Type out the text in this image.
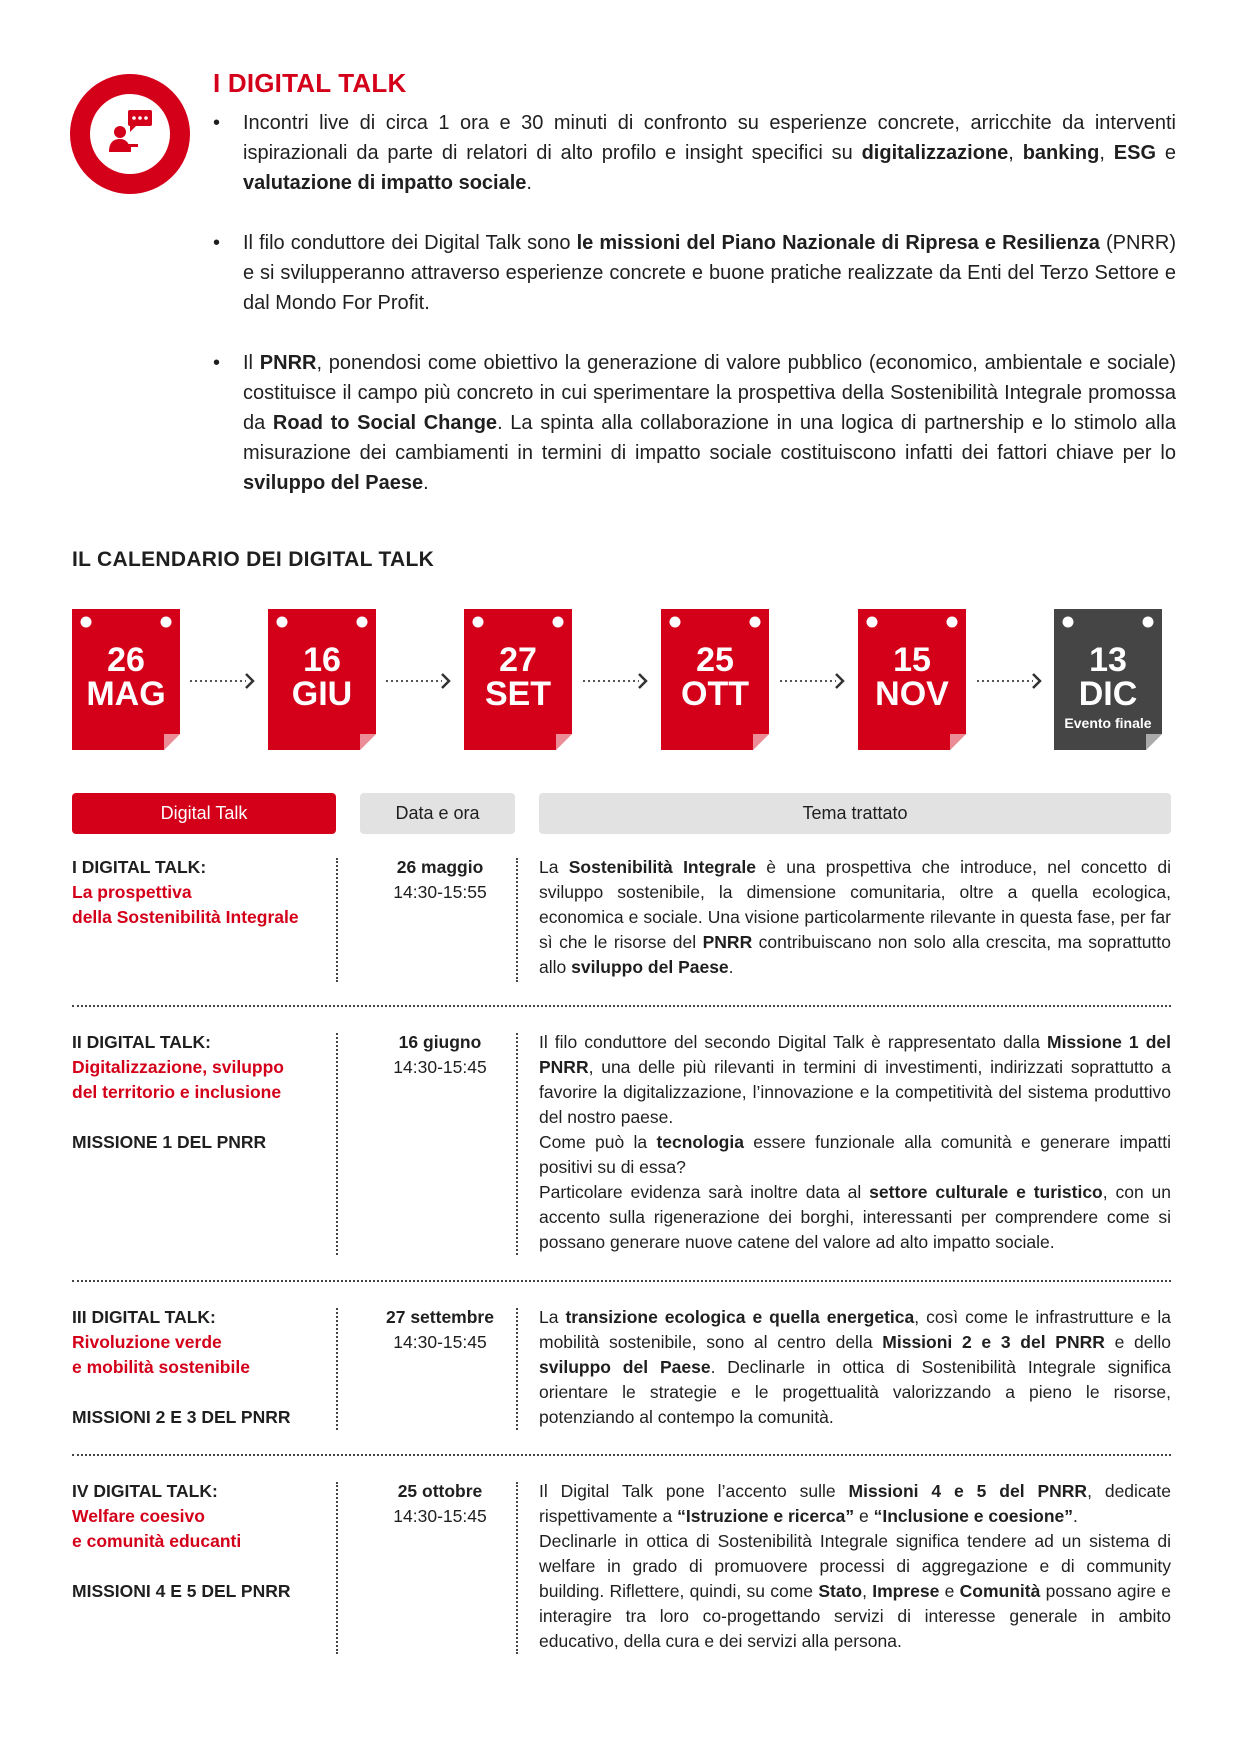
I DIGITAL TALK
• Incontri live di circa 1 ora e 30 minuti di confronto su esperienze concrete, arricchite da interventi ispirazionali da parte di relatori di alto profilo e insight specifici su digitalizzazione, banking, ESG e valutazione di impatto sociale.
• Il filo conduttore dei Digital Talk sono le missioni del Piano Nazionale di Ripresa e Resilienza (PNRR) e si svilupperanno attraverso esperienze concrete e buone pratiche realizzate da Enti del Terzo Settore e dal Mondo For Profit.
• Il PNRR, ponendosi come obiettivo la generazione di valore pubblico (economico, ambientale e sociale) costituisce il campo più concreto in cui sperimentare la prospettiva della Sostenibilità Integrale promossa da Road to Social Change. La spinta alla collaborazione in una logica di partnership e lo stimolo alla misurazione dei cambiamenti in termini di impatto sociale costituiscono infatti dei fattori chiave per lo sviluppo del Paese.
IL CALENDARIO DEI DIGITAL TALK
26
MAG
16
GIU
27
SET
25
OTT
15
NOV
13
DIC
Evento finale
Digital Talk	Data e ora	Tema trattato
I DIGITAL TALK:
La prospettiva
della Sostenibilità Integrale
26 maggio
14:30-15:55
La Sostenibilità Integrale è una prospettiva che introduce, nel concetto di sviluppo sostenibile, la dimensione comunitaria, oltre a quella ecologica, economica e sociale. Una visione particolarmente rilevante in questa fase, per far sì che le risorse del PNRR contribuiscano non solo alla crescita, ma soprattutto allo sviluppo del Paese.
II DIGITAL TALK:
Digitalizzazione, sviluppo
del territorio e inclusione
MISSIONE 1 DEL PNRR
16 giugno
14:30-15:45
Il filo conduttore del secondo Digital Talk è rappresentato dalla Missione 1 del PNRR, una delle più rilevanti in termini di investimenti, indirizzati soprattutto a favorire la digitalizzazione, l’innovazione e la competitività del sistema produttivo del nostro paese.
Come può la tecnologia essere funzionale alla comunità e generare impatti positivi su di essa?
Particolare evidenza sarà inoltre data al settore culturale e turistico, con un accento sulla rigenerazione dei borghi, interessanti per comprendere come si possano generare nuove catene del valore ad alto impatto sociale.
III DIGITAL TALK:
Rivoluzione verde
e mobilità sostenibile
MISSIONI 2 E 3 DEL PNRR
27 settembre
14:30-15:45
La transizione ecologica e quella energetica, così come le infrastrutture e la mobilità sostenibile, sono al centro della Missioni 2 e 3 del PNRR e dello sviluppo del Paese. Declinarle in ottica di Sostenibilità Integrale significa orientare le strategie e le progettualità valorizzando a pieno le risorse, potenziando al contempo la comunità.
IV DIGITAL TALK:
Welfare coesivo
e comunità educanti
MISSIONI 4 E 5 DEL PNRR
25 ottobre
14:30-15:45
Il Digital Talk pone l’accento sulle Missioni 4 e 5 del PNRR, dedicate rispettivamente a “Istruzione e ricerca” e “Inclusione e coesione”.
Declinarle in ottica di Sostenibilità Integrale significa tendere ad un sistema di welfare in grado di promuovere processi di aggregazione e di community building. Riflettere, quindi, su come Stato, Imprese e Comunità possano agire e interagire tra loro co-progettando servizi di interesse generale in ambito educativo, della cura e dei servizi alla persona.
